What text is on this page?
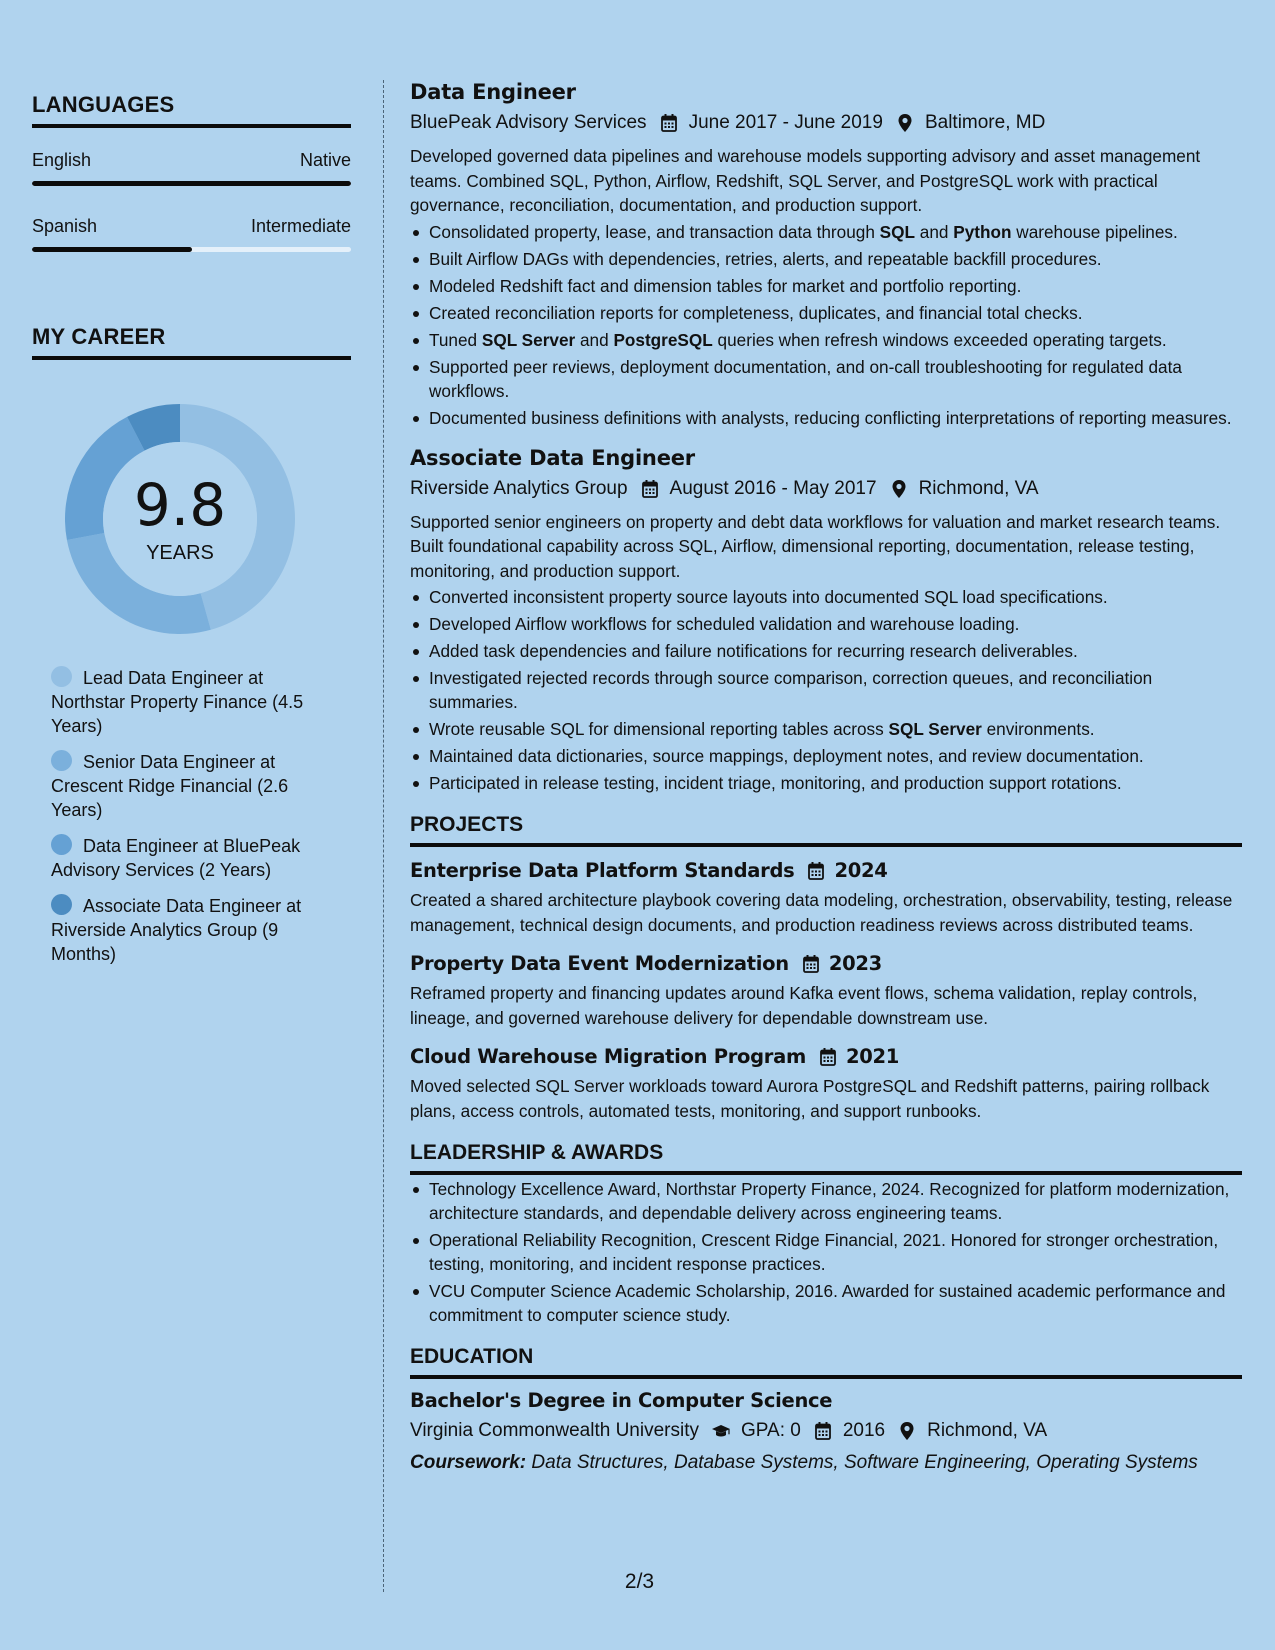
LANGUAGES
English	Native
Spanish	Intermediate
MY CAREER
9.8
YEARS
Lead Data Engineer at Northstar Property Finance (4.5 Years)
Senior Data Engineer at Crescent Ridge Financial (2.6 Years)
Data Engineer at BluePeak Advisory Services (2 Years)
Associate Data Engineer at Riverside Analytics Group (9 Months)
Data Engineer
BluePeak Advisory Services June 2017 - June 2019 Baltimore, MD
Developed governed data pipelines and warehouse models supporting advisory and asset management teams. Combined SQL, Python, Airflow, Redshift, SQL Server, and PostgreSQL work with practical governance, reconciliation, documentation, and production support.
Consolidated property, lease, and transaction data through SQL and Python warehouse pipelines.
Built Airflow DAGs with dependencies, retries, alerts, and repeatable backfill procedures.
Modeled Redshift fact and dimension tables for market and portfolio reporting.
Created reconciliation reports for completeness, duplicates, and financial total checks.
Tuned SQL Server and PostgreSQL queries when refresh windows exceeded operating targets.
Supported peer reviews, deployment documentation, and on-call troubleshooting for regulated data workflows.
Documented business definitions with analysts, reducing conflicting interpretations of reporting measures.
Associate Data Engineer
Riverside Analytics Group August 2016 - May 2017 Richmond, VA
Supported senior engineers on property and debt data workflows for valuation and market research teams. Built foundational capability across SQL, Airflow, dimensional reporting, documentation, release testing, monitoring, and production support.
Converted inconsistent property source layouts into documented SQL load specifications.
Developed Airflow workflows for scheduled validation and warehouse loading.
Added task dependencies and failure notifications for recurring research deliverables.
Investigated rejected records through source comparison, correction queues, and reconciliation summaries.
Wrote reusable SQL for dimensional reporting tables across SQL Server environments.
Maintained data dictionaries, source mappings, deployment notes, and review documentation.
Participated in release testing, incident triage, monitoring, and production support rotations.
PROJECTS
Enterprise Data Platform Standards 2024
Created a shared architecture playbook covering data modeling, orchestration, observability, testing, release management, technical design documents, and production readiness reviews across distributed teams.
Property Data Event Modernization 2023
Reframed property and financing updates around Kafka event flows, schema validation, replay controls, lineage, and governed warehouse delivery for dependable downstream use.
Cloud Warehouse Migration Program 2021
Moved selected SQL Server workloads toward Aurora PostgreSQL and Redshift patterns, pairing rollback plans, access controls, automated tests, monitoring, and support runbooks.
LEADERSHIP & AWARDS
Technology Excellence Award, Northstar Property Finance, 2024. Recognized for platform modernization, architecture standards, and dependable delivery across engineering teams.
Operational Reliability Recognition, Crescent Ridge Financial, 2021. Honored for stronger orchestration, testing, monitoring, and incident response practices.
VCU Computer Science Academic Scholarship, 2016. Awarded for sustained academic performance and commitment to computer science study.
EDUCATION
Bachelor's Degree in Computer Science
Virginia Commonwealth University GPA: 0 2016 Richmond, VA
Coursework: Data Structures, Database Systems, Software Engineering, Operating Systems
2/3
